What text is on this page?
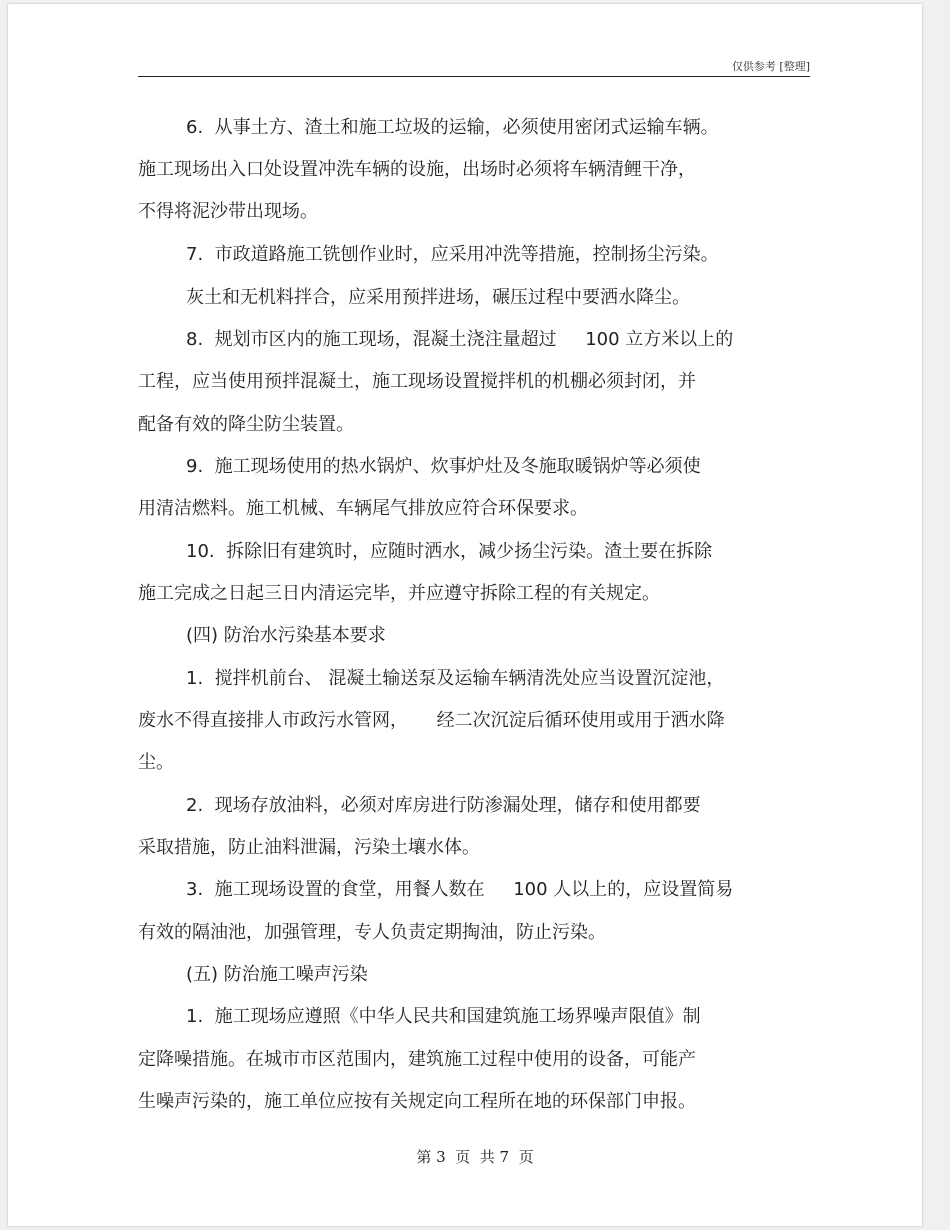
仅供参考 [整理]
6.  从事土方、渣土和施工垃圾的运输，必须使用密闭式运输车辆。
施工现场出入口处设置冲洗车辆的设施，出场时必须将车辆清鲤干净，
不得将泥沙带出现场。
7.  市政道路施工铣刨作业时，应采用冲洗等措施，控制扬尘污染。
灰土和无机料拌合，应采用预拌进场，碾压过程中要洒水降尘。
8.  规划市区内的施工现场，混凝土浇注量超过     100 立方米以上的
工程，应当使用预拌混凝土，施工现场设置搅拌机的机棚必须封闭，并
配备有效的降尘防尘装置。
9.  施工现场使用的热水锅炉、炊事炉灶及冬施取暖锅炉等必须使
用清洁燃料。施工机械、车辆尾气排放应符合环保要求。
10.  拆除旧有建筑时，应随时洒水，减少扬尘污染。渣土要在拆除
施工完成之日起三日内清运完毕，并应遵守拆除工程的有关规定。
(四) 防治水污染基本要求
1.  搅拌机前台、 混凝土输送泵及运输车辆清洗处应当设置沉淀池，
废水不得直接排人市政污水管网，     经二次沉淀后循环使用或用于洒水降
尘。
2.  现场存放油料，必须对库房进行防渗漏处理，储存和使用都要
采取措施，防止油料泄漏，污染土壤水体。
3.  施工现场设置的食堂，用餐人数在     100 人以上的，应设置简易
有效的隔油池，加强管理，专人负责定期掏油，防止污染。
(五) 防治施工噪声污染
1.  施工现场应遵照《中华人民共和国建筑施工场界噪声限值》制
定降噪措施。在城市市区范围内，建筑施工过程中使用的设备，可能产
生噪声污染的，施工单位应按有关规定向工程所在地的环保部门申报。
第 3  页  共 7  页
